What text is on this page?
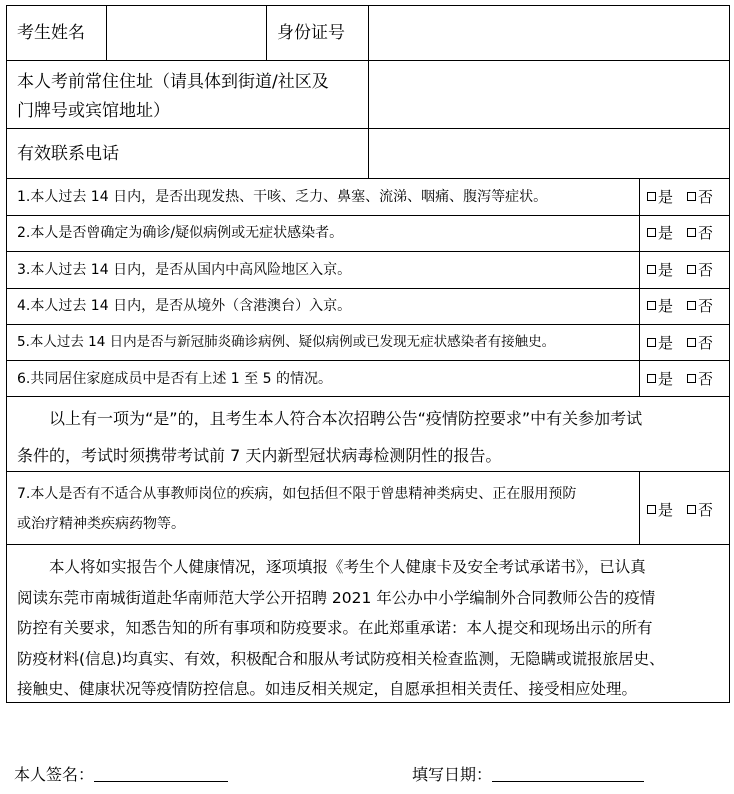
考生姓名	身份证号
本人考前常住住址（请具体到街道/社区及
门牌号或宾馆地址）
有效联系电话
1.本人过去 14 日内，是否出现发热、干咳、乏力、鼻塞、流涕、咽痛、腹泻等症状。	是 否
2.本人是否曾确定为确诊/疑似病例或无症状感染者。	是 否
3.本人过去 14 日内，是否从国内中高风险地区入京。	是 否
4.本人过去 14 日内，是否从境外（含港澳台）入京。	是 否
5.本人过去 14 日内是否与新冠肺炎确诊病例、疑似病例或已发现无症状感染者有接触史。	是 否
6.共同居住家庭成员中是否有上述 1 至 5 的情况。	是 否
以上有一项为“是”的，且考生本人符合本次招聘公告“疫情防控要求”中有关参加考试
条件的，考试时须携带考试前 7 天内新型冠状病毒检测阴性的报告。
7.本人是否有不适合从事教师岗位的疾病，如包括但不限于曾患精神类病史、正在服用预防
或治疗精神类疾病药物等。
是 否
本人将如实报告个人健康情况，逐项填报《考生个人健康卡及安全考试承诺书》，已认真
阅读东莞市南城街道赴华南师范大学公开招聘 2021 年公办中小学编制外合同教师公告的疫情
防控有关要求，知悉告知的所有事项和防疫要求。在此郑重承诺：本人提交和现场出示的所有
防疫材料(信息)均真实、有效，积极配合和服从考试防疫相关检查监测，无隐瞒或谎报旅居史、
接触史、健康状况等疫情防控信息。如违反相关规定，自愿承担相关责任、接受相应处理。
本人签名：	填写日期：
